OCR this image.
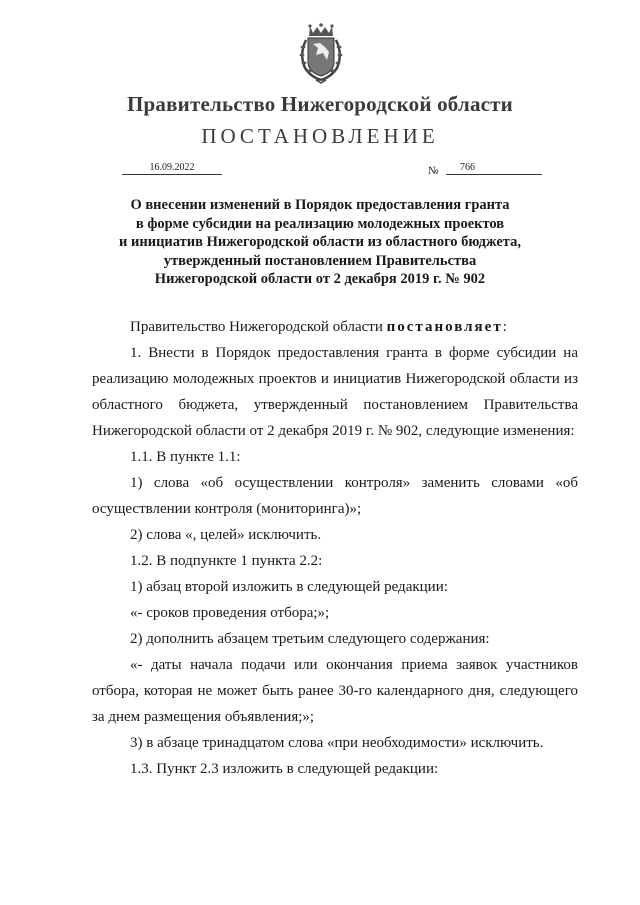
Правительство Нижегородской области
ПОСТАНОВЛЕНИЕ
16.09.2022	№	766
О внесении изменений в Порядок предоставления гранта
в форме субсидии на реализацию молодежных проектов
и инициатив Нижегородской области из областного бюджета,
утвержденный постановлением Правительства
Нижегородской области от 2 декабря 2019 г. № 902

Правительство Нижегородской области постановляет:

1. Внести в Порядок предоставления гранта в форме субсидии на реализацию молодежных проектов и инициатив Нижегородской области из областного бюджета, утвержденный постановлением Правительства Нижегородской области от 2 декабря 2019 г. № 902, следующие изменения:

1.1. В пункте 1.1:

1) слова «об осуществлении контроля» заменить словами «об осуществлении контроля (мониторинга)»;

2) слова «, целей» исключить.

1.2. В подпункте 1 пункта 2.2:

1) абзац второй изложить в следующей редакции:

«- сроков проведения отбора;»;

2) дополнить абзацем третьим следующего содержания:

«- даты начала подачи или окончания приема заявок участников отбора, которая не может быть ранее 30-го календарного дня, следующего за днем размещения объявления;»;

3) в абзаце тринадцатом слова «при необходимости» исключить.

1.3. Пункт 2.3 изложить в следующей редакции:
